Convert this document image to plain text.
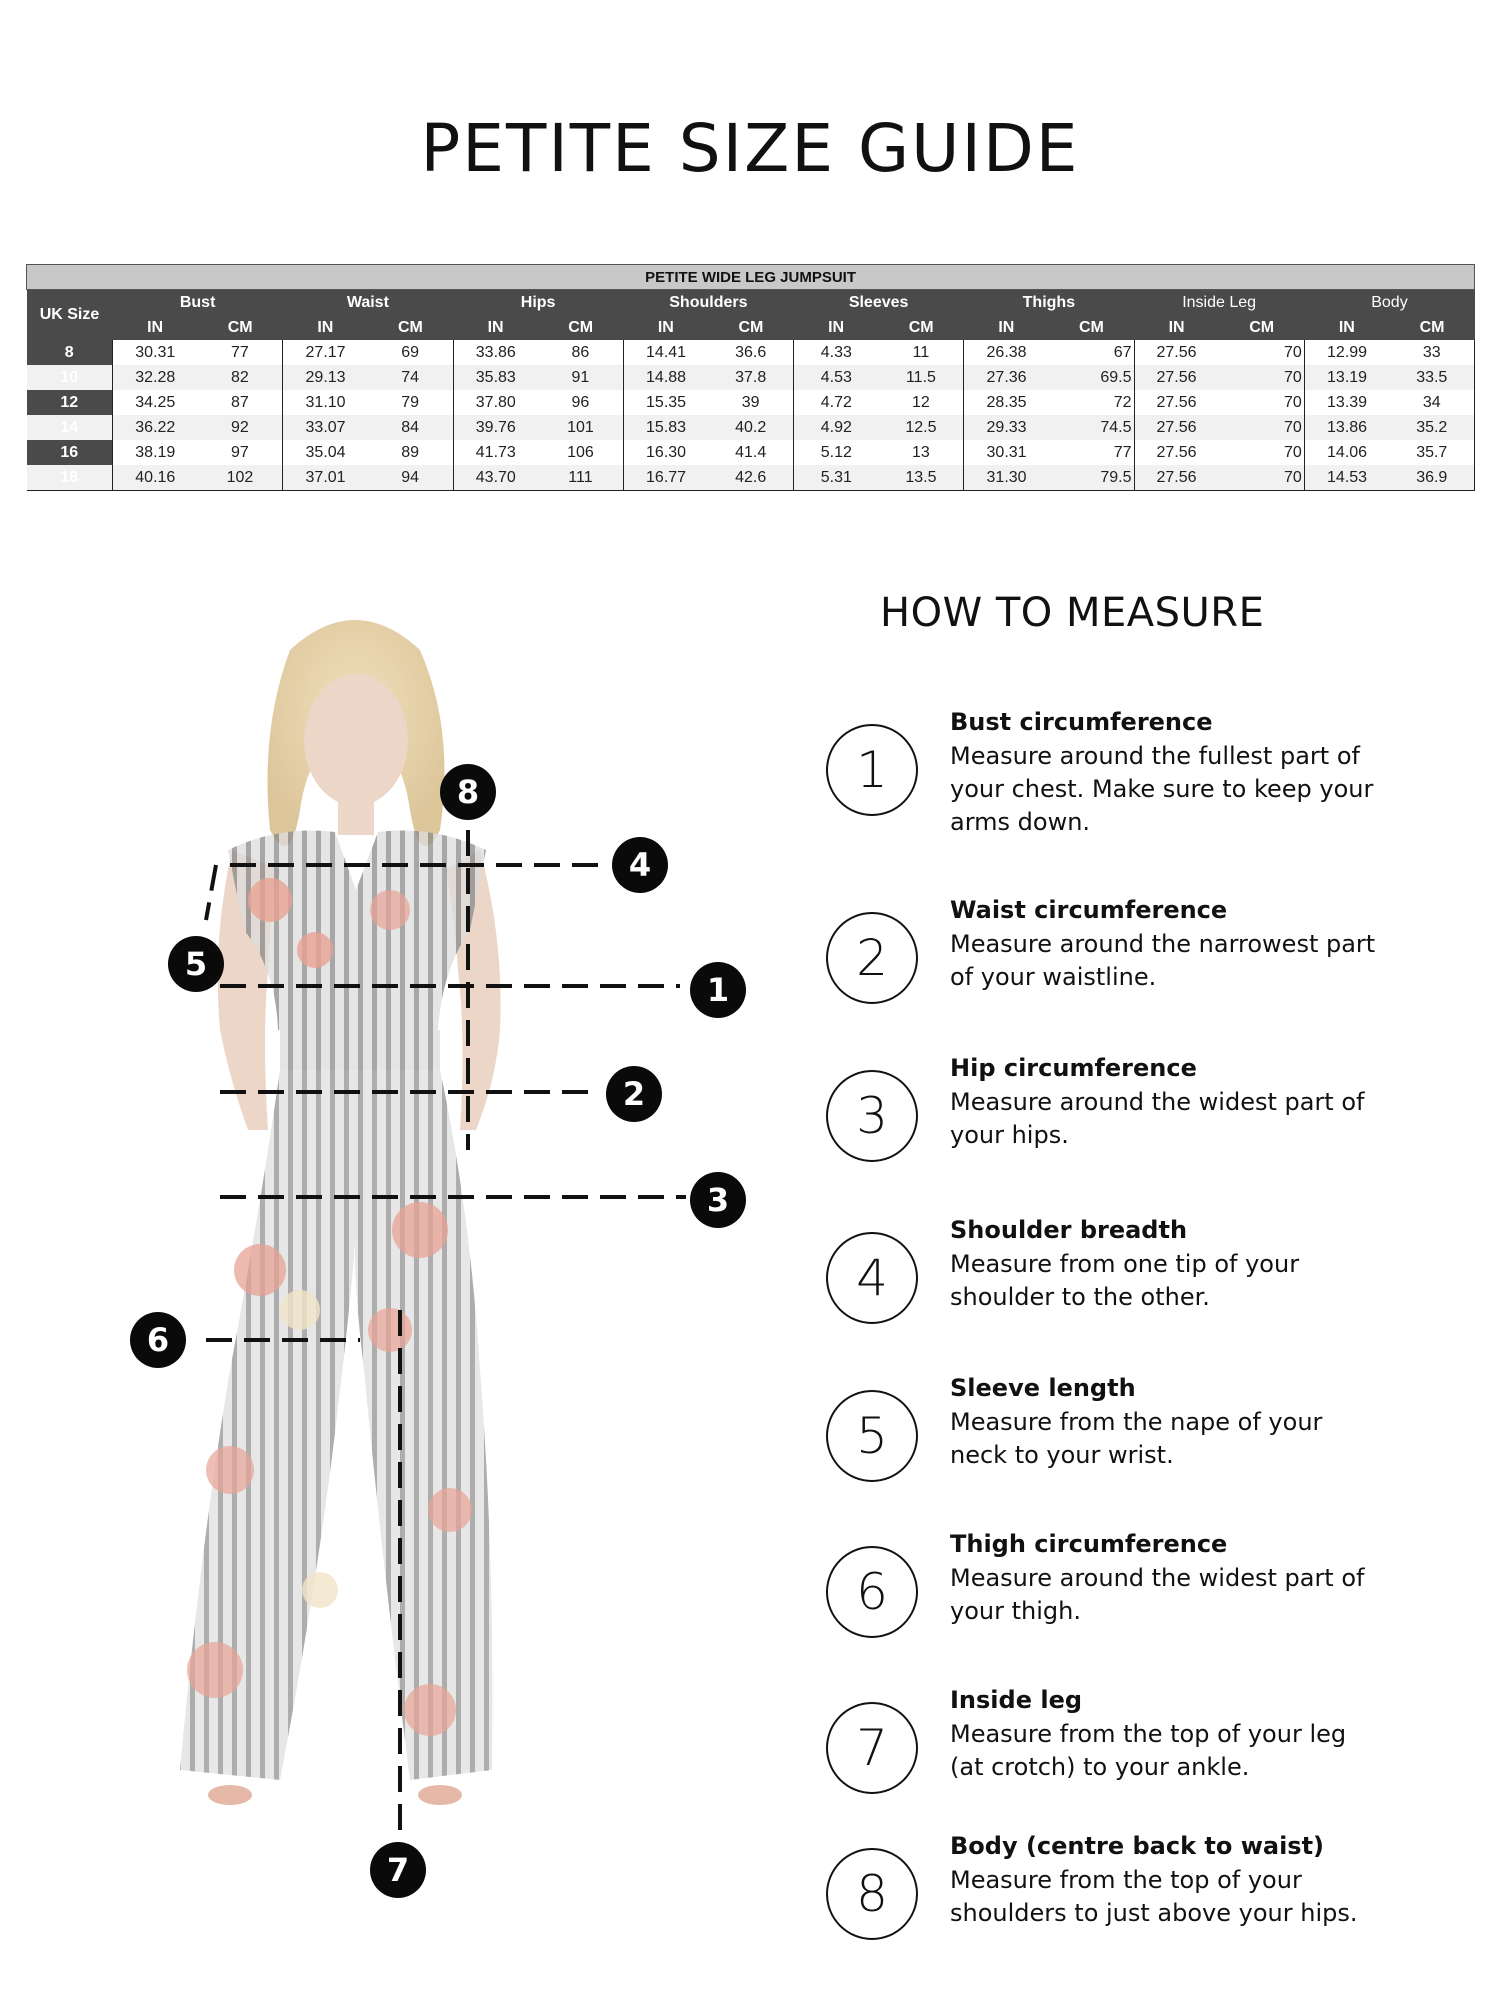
PETITE SIZE GUIDE
PETITE WIDE LEG JUMPSUIT																
UK Size	Bust		Waist		Hips		Shoulders		Sleeves		Thighs		Inside Leg		Body	
	IN	CM	IN	CM	IN	CM	IN	CM	IN	CM	IN	CM	IN	CM	IN	CM
8	30.31	77	27.17	69	33.86	86	14.41	36.6	4.33	11	26.38	67	27.56	70	12.99	33
10	32.28	82	29.13	74	35.83	91	14.88	37.8	4.53	11.5	27.36	69.5	27.56	70	13.19	33.5
12	34.25	87	31.10	79	37.80	96	15.35	39	4.72	12	28.35	72	27.56	70	13.39	34
14	36.22	92	33.07	84	39.76	101	15.83	40.2	4.92	12.5	29.33	74.5	27.56	70	13.86	35.2
16	38.19	97	35.04	89	41.73	106	16.30	41.4	5.12	13	30.31	77	27.56	70	14.06	35.7
18	40.16	102	37.01	94	43.70	111	16.77	42.6	5.31	13.5	31.30	79.5	27.56	70	14.53	36.9
8
4
5
1
2
3
6
7
HOW TO MEASURE
1
Bust circumference
Measure around the fullest part of your chest. Make sure to keep your arms down.
2
Waist circumference
Measure around the narrowest part of your waistline.
3
Hip circumference
Measure around the widest part of your hips.
4
Shoulder breadth
Measure from one tip of your shoulder to the other.
5
Sleeve length
Measure from the nape of your neck to your wrist.
6
Thigh circumference
Measure around the widest part of your thigh.
7
Inside leg
Measure from the top of your leg (at crotch) to your ankle.
8
Body (centre back to waist)
Measure from the top of your shoulders to just above your hips.
